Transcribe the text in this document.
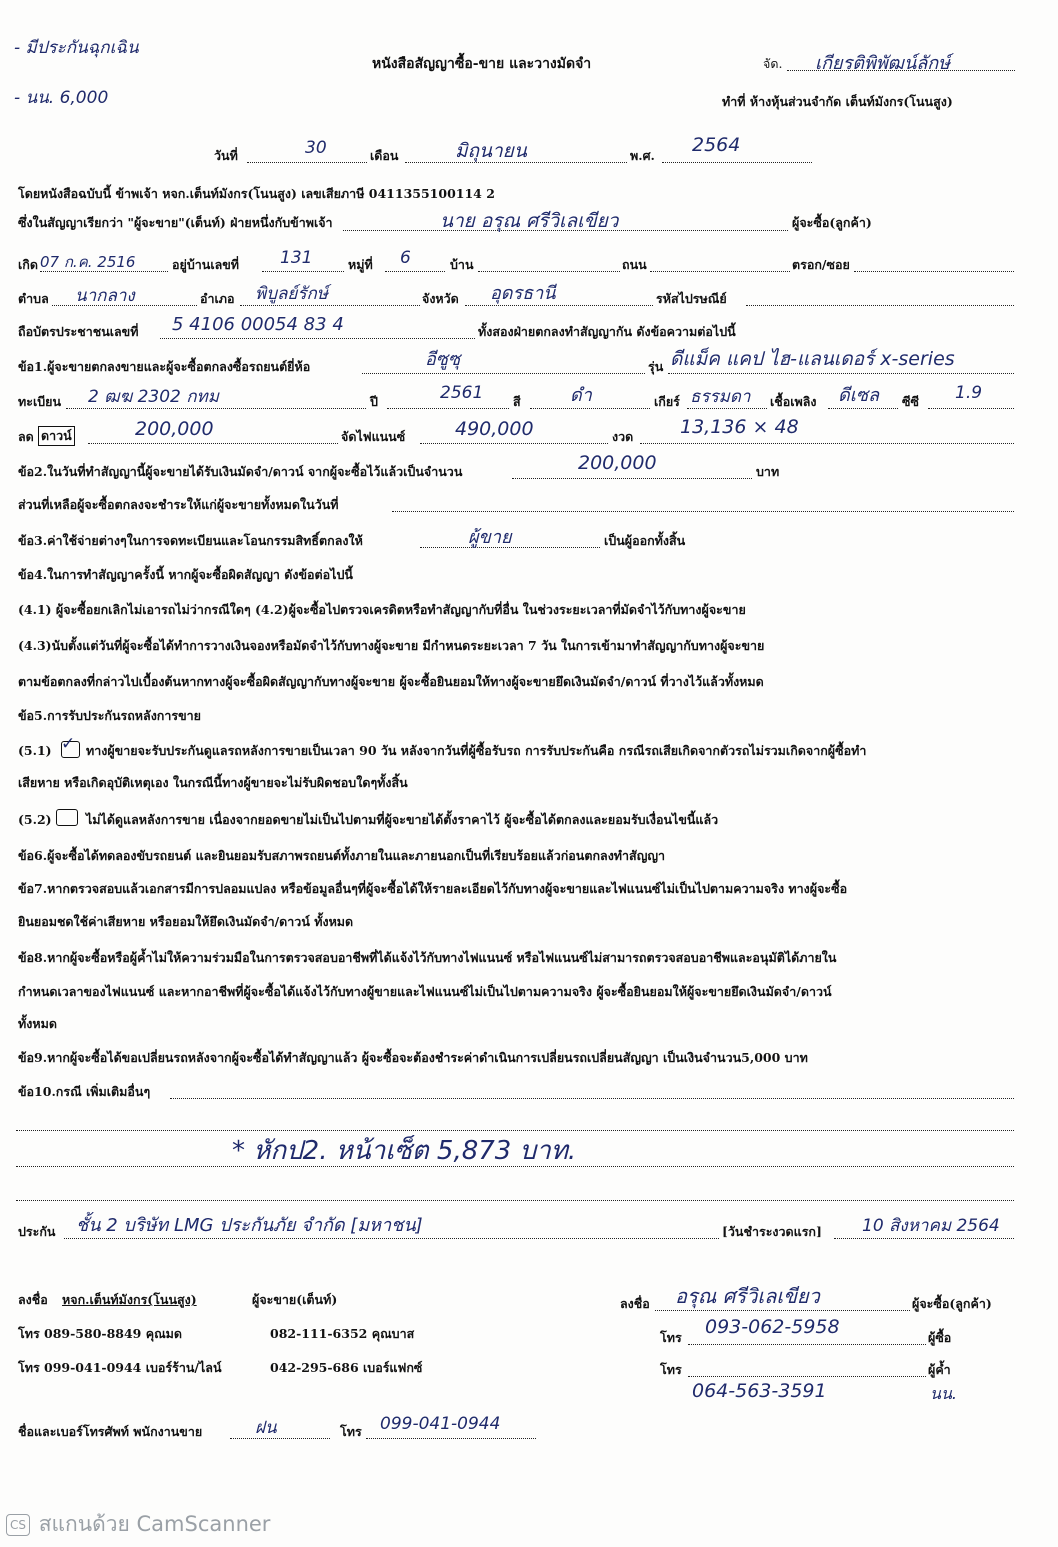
- มีประกันฉุกเฉิน
- นน. 6,000
หนังสือสัญญาซื้อ-ขาย และวางมัดจำ	จัด. เกียรติพิพัฒน์ลักษ์
ทำที่ ห้างหุ้นส่วนจำกัด เต็นท์มังกร(โนนสูง)
วันที่	30	เดือน	มิถุนายน	พ.ศ. 2564
โดยหนังสือฉบับนี้ ข้าพเจ้า หจก.เต็นท์มังกร(โนนสูง) เลขเสียภาษี 0411355100114 2
ซึ่งในสัญญาเรียกว่า "ผู้จะขาย"(เต็นท์) ฝ่ายหนึ่งกับข้าพเจ้า	นาย อรุณ ศรีวิเลเขียว	ผู้จะซื้อ(ลูกค้า)
เกิด 07 ก.ค. 2516	อยู่บ้านเลขที่ 131	หมู่ที่ 6	บ้าน	ถนน	ตรอก/ซอย
ตำบล นากลาง	อำเภอ พิบูลย์รักษ์	จังหวัด อุดรธานี	รหัสไปรษณีย์
ถือบัตรประชาชนเลขที่ 5 4106 00054 83 4	ทั้งสองฝ่ายตกลงทำสัญญากัน ดังข้อความต่อไปนี้
ข้อ1.ผู้จะขายตกลงขายและผู้จะซื้อตกลงซื้อรถยนต์ยี่ห้อ	อีซูซุ	รุ่น ดีแม็ค แคป ไฮ-แลนเดอร์ x-series
ทะเบียน 2 ฒฆ 2302 กทม	ปี	2561 สี	ดำ	เกียร์ ธรรมดา เชื้อเพลิง ดีเซล ซีซี 1.9
ลด ดาวน์	200,000	จัดไฟแนนซ์	490,000	งวด 13,136 × 48
ข้อ2.ในวันที่ทำสัญญานี้ผู้จะขายได้รับเงินมัดจำ/ดาวน์ จากผู้จะซื้อไว้แล้วเป็นจำนวน	200,000	บาท
ส่วนที่เหลือผู้จะซื้อตกลงจะชำระให้แก่ผู้จะขายทั้งหมดในวันที่
ข้อ3.ค่าใช้จ่ายต่างๆในการจดทะเบียนและโอนกรรมสิทธิ์ตกลงให้	ผู้ขาย	เป็นผู้ออกทั้งสิ้น
ข้อ4.ในการทำสัญญาครั้งนี้ หากผู้จะซื้อผิดสัญญา ดังข้อต่อไปนี้
(4.1) ผู้จะซื้อยกเลิกไม่เอารถไม่ว่ากรณีใดๆ (4.2)ผู้จะซื้อไปตรวจเครดิตหรือทำสัญญากับที่อื่น ในช่วงระยะเวลาที่มัดจำไว้กับทางผู้จะขาย
(4.3)นับตั้งแต่วันที่ผู้จะซื้อได้ทำการวางเงินจองหรือมัดจำไว้กับทางผู้จะขาย มีกำหนดระยะเวลา 7 วัน ในการเข้ามาทำสัญญากับทางผู้จะขาย
ตามข้อตกลงที่กล่าวไปเบื้องต้นหากทางผู้จะซื้อผิดสัญญากับทางผู้จะขาย ผู้จะซื้อยินยอมให้ทางผู้จะขายยึดเงินมัดจำ/ดาวน์ ที่วางไว้แล้วทั้งหมด
ข้อ5.การรับประกันรถหลังการขาย
(5.1) ✓ ทางผู้ขายจะรับประกันดูแลรถหลังการขายเป็นเวลา 90 วัน หลังจากวันที่ผู้ซื้อรับรถ การรับประกันคือ กรณีรถเสียเกิดจากตัวรถไม่รวมเกิดจากผู้ซื้อทำ
เสียหาย หรือเกิดอุบัติเหตุเอง ในกรณีนี้ทางผู้ขายจะไม่รับผิดชอบใดๆทั้งสิ้น
(5.2)	ไม่ได้ดูแลหลังการขาย เนื่องจากยอดขายไม่เป็นไปตามที่ผู้จะขายได้ตั้งราคาไว้ ผู้จะซื้อได้ตกลงและยอมรับเงื่อนไขนี้แล้ว
ข้อ6.ผู้จะซื้อได้ทดลองขับรถยนต์ และยินยอมรับสภาพรถยนต์ทั้งภายในและภายนอกเป็นที่เรียบร้อยแล้วก่อนตกลงทำสัญญา
ข้อ7.หากตรวจสอบแล้วเอกสารมีการปลอมแปลง หรือข้อมูลอื่นๆที่ผู้จะซื้อได้ให้รายละเอียดไว้กับทางผู้จะขายและไฟแนนซ์ไม่เป็นไปตามความจริง ทางผู้จะซื้อ
ยินยอมชดใช้ค่าเสียหาย หรือยอมให้ยึดเงินมัดจำ/ดาวน์ ทั้งหมด
ข้อ8.หากผู้จะซื้อหรือผู้ค้ำไม่ให้ความร่วมมือในการตรวจสอบอาชีพที่ได้แจ้งไว้กับทางไฟแนนซ์ หรือไฟแนนซ์ไม่สามารถตรวจสอบอาชีพและอนุมัติได้ภายใน
กำหนดเวลาของไฟแนนซ์ และหากอาชีพที่ผู้จะซื้อได้แจ้งไว้กับทางผู้ขายและไฟแนนซ์ไม่เป็นไปตามความจริง ผู้จะซื้อยินยอมให้ผู้จะขายยึดเงินมัดจำ/ดาวน์
ทั้งหมด
ข้อ9.หากผู้จะซื้อได้ขอเปลี่ยนรถหลังจากผู้จะซื้อได้ทำสัญญาแล้ว ผู้จะซื้อจะต้องชำระค่าดำเนินการเปลี่ยนรถเปลี่ยนสัญญา เป็นเงินจำนวน5,000 บาท
ข้อ10.กรณี เพิ่มเติมอื่นๆ
* หักป2. หน้าเซ็ต 5,873 บาท.
ประกัน ชั้น 2 บริษัท LMG ประกันภัย จำกัด [มหาชน]	[วันชำระงวดแรก] 10 สิงหาคม 2564
ลงชื่อ หจก.เต็นท์มังกร(โนนสูง)	ผู้จะขาย(เต็นท์)
โทร 089-580-8849 คุณมด	082-111-6352 คุณบาส
โทร 099-041-0944 เบอร์ร้าน/ไลน์	042-295-686 เบอร์แฟกซ์
ลงชื่อ อรุณ ศรีวิเลเขียว	ผู้จะซื้อ(ลูกค้า)
โทร 093-062-5958	ผู้ซื้อ
โทร	ผู้ค้ำ
064-563-3591	นน.
ชื่อและเบอร์โทรศัพท์ พนักงานขาย	ฝน	โทร 099-041-0944
CS สแกนด้วย CamScanner
